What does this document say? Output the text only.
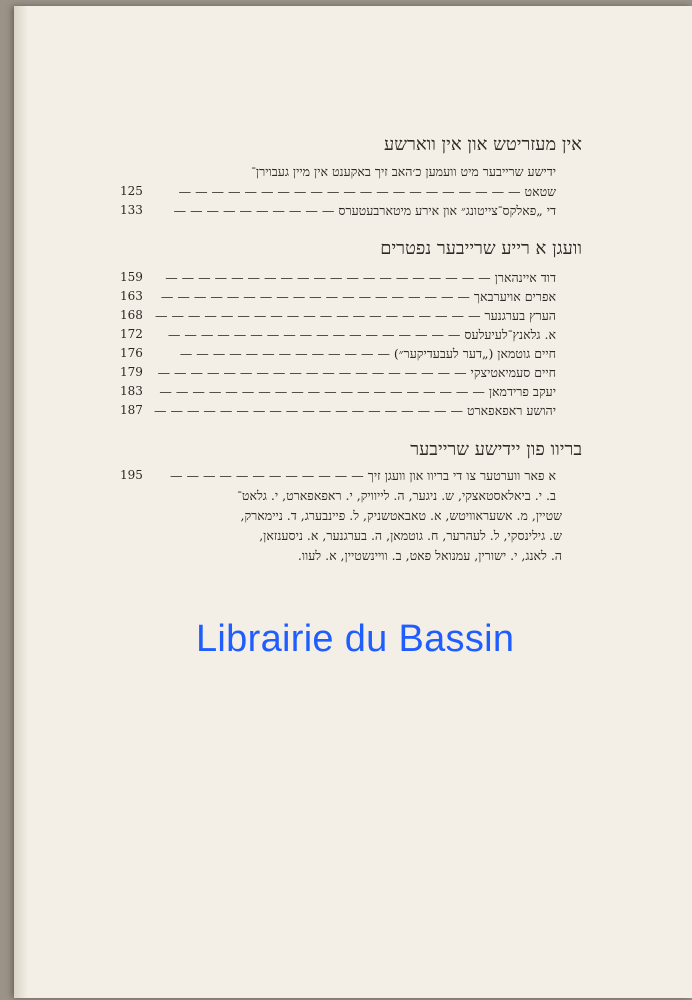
אין מעזריטש און אין ווארשע
ידישע שרייבער מיט וועמען כ׳האב זיך באקענט אין מיין געבוירן־
125	שטאט — — — — — — — — — — — — — — — — — — — — —
133	די „פאלקס־צייטונג״ און אירע מיטארבעטערס — — — — — — — — — —
וועגן א רייע שרייבער נפטרים
159	דוד איינהארן — — — — — — — — — — — — — — — — — — — —
163	אפרים אויערבאך — — — — — — — — — — — — — — — — — — —
168 הערץ בערגנער — — — — — — — — — — — — — — — — — — — —
172	א. גלאנץ־לעיעלעס — — — — — — — — — — — — — — — — — —
176	חיים גוטמאן („דער לעבעדיקער״) — — — — — — — — — — — — —
179	חיים סעמיאטיצקי — — — — — — — — — — — — — — — — — — —
183	יעקב פרידמאן — — — — — — — — — — — — — — — — — — — —
187 יהושע ראפאפארט — — — — — — — — — — — — — — — — — — —
בריוו פון יידישע שרייבער
195	א פאר ווערטער צו די בריוו און וועגן זיך — — — — — — — — — — — —
ב. י. ביאלאסטאצקי, ש. ניגער, ה. לייוויק, י. ראפאפארט, י. גלאט־
שטיין, מ. אשעראוויטש, א. טאבאטשניק, ל. פיינבערג, ד. ניימארק,
ש. גילינסקי, ל. לעהרער, ח. גוטמאן, ה. בערגנער, א. ניסענזאן,
ה. לאנג, י. ישורין, עמנואל פאט, ב. וויינשטיין, א. לעוו.
Librairie du Bassin
